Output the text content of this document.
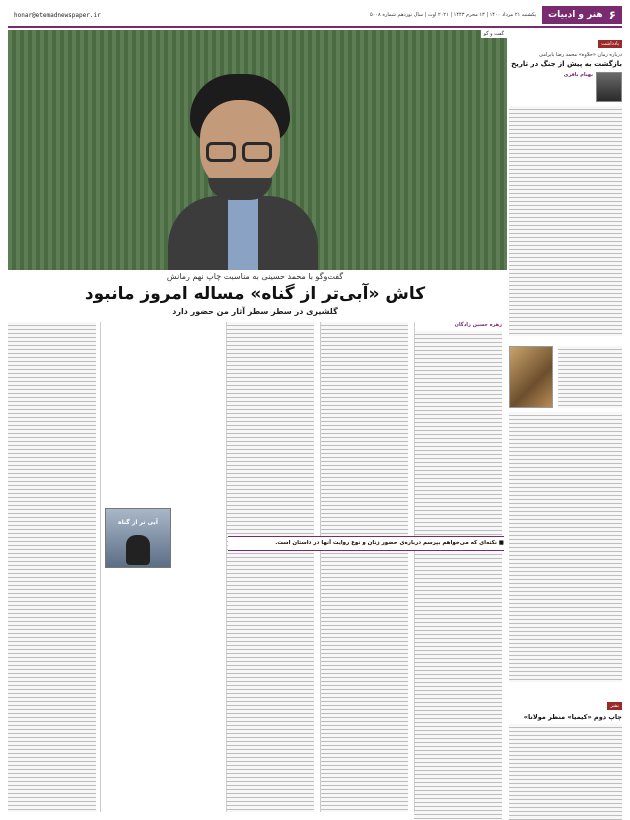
۶
هنر و ادبیات
یکشنبه ۲۱ مرداد ۱۴۰۰ | ۱۳ محرم ۱۴۴۳ | ۲۰۲۱ اوت | سال نوزدهم شماره ۵۰۰۸
honar@etemadnewspaper.ir
یادداشت
درباره رمان «حلاوه» محمد رضا بایرامی
بازگشت به پیش از جنگ در تاریخ
بهنام باقری
نشر
چاپ دوم «کیمیا» منظر مولانا»
گفت و گو
گفت‌وگو با محمد حسینی به مناسبت چاپ نهم رمانش
کاش «آبی‌تر از گناه» مساله امروز مانبود
گلشیری در سطر سطر آثار من حضور دارد
زهره حسین زادگان
■ نکته‌ای که می‌خواهم بپرسم درباره‌ی حضور زنان و نوع روایت آنها در داستان است.
آبی تر از گناه
